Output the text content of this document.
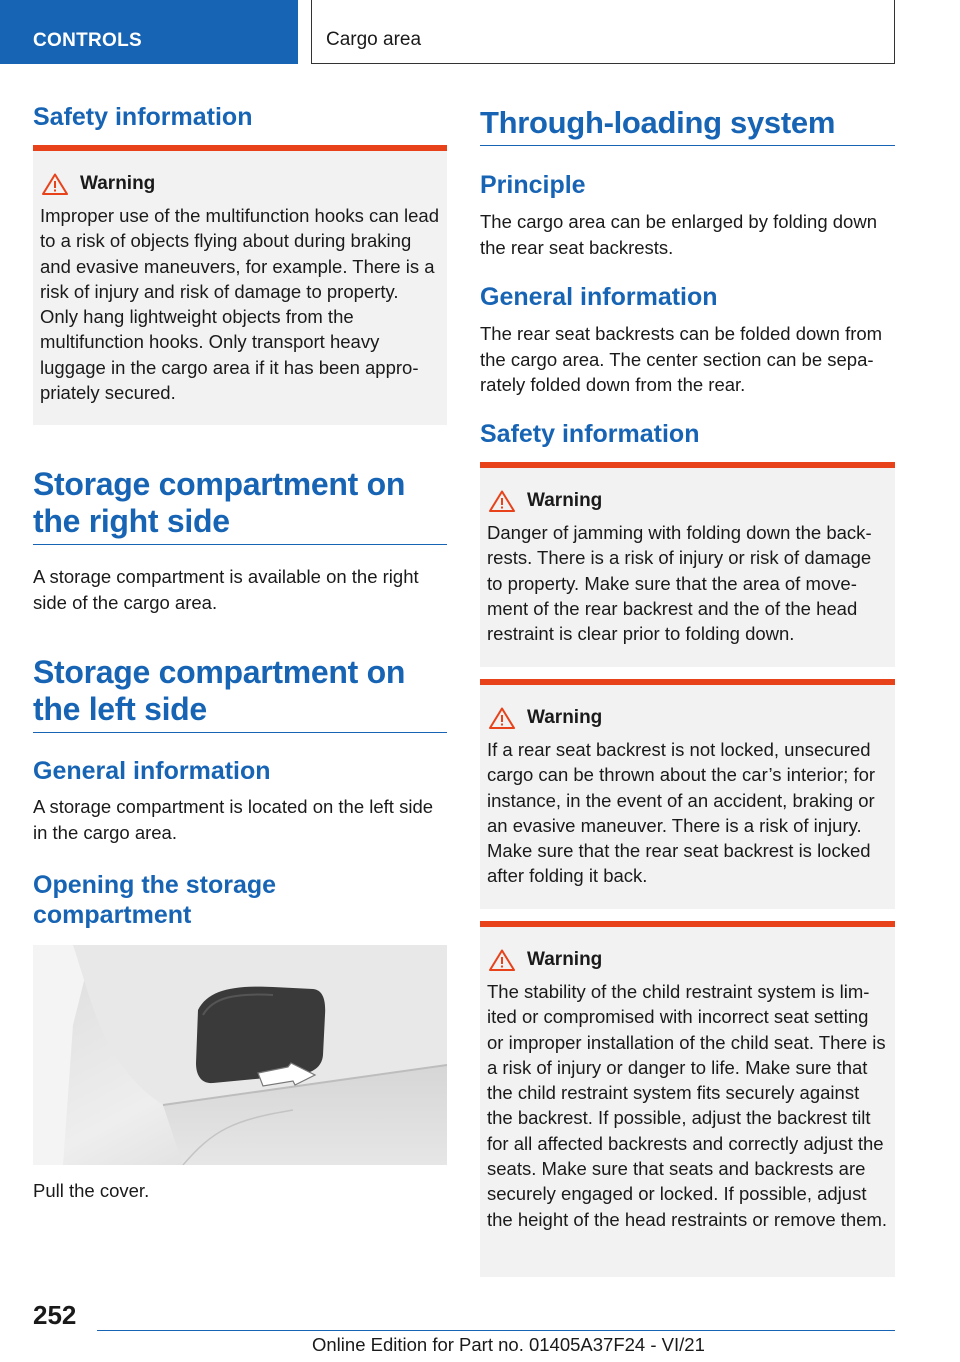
CONTROLS	Cargo area
Safety information
Warning
Improper use of the multifunction hooks can lead to a risk of objects flying about during braking and evasive maneuvers, for example. There is a risk of injury and risk of damage to property. Only hang lightweight objects from the multifunction hooks. Only transport heavy luggage in the cargo area if it has been appropriately secured.
Storage compartment on the right side
A storage compartment is available on the right side of the cargo area.
Storage compartment on the left side
General information
A storage compartment is located on the left side in the cargo area.
Opening the storage compartment
Pull the cover.
Through-loading system
Principle
The cargo area can be enlarged by folding down the rear seat backrests.
General information
The rear seat backrests can be folded down from the cargo area. The center section can be separately folded down from the rear.
Safety information
Warning
Danger of jamming with folding down the backrests. There is a risk of injury or risk of damage to property. Make sure that the area of movement of the rear backrest and the of the head restraint is clear prior to folding down.
Warning
If a rear seat backrest is not locked, unsecured cargo can be thrown about the car’s interior; for instance, in the event of an accident, braking or an evasive maneuver. There is a risk of injury. Make sure that the rear seat backrest is locked after folding it back.
Warning
The stability of the child restraint system is limited or compromised with incorrect seat setting or improper installation of the child seat. There is a risk of injury or danger to life. Make sure that the child restraint system fits securely against the backrest. If possible, adjust the backrest tilt for all affected backrests and correctly adjust the seats. Make sure that seats and backrests are securely engaged or locked. If possible, adjust the height of the head restraints or remove them.
252
Online Edition for Part no. 01405A37F24 - VI/21
